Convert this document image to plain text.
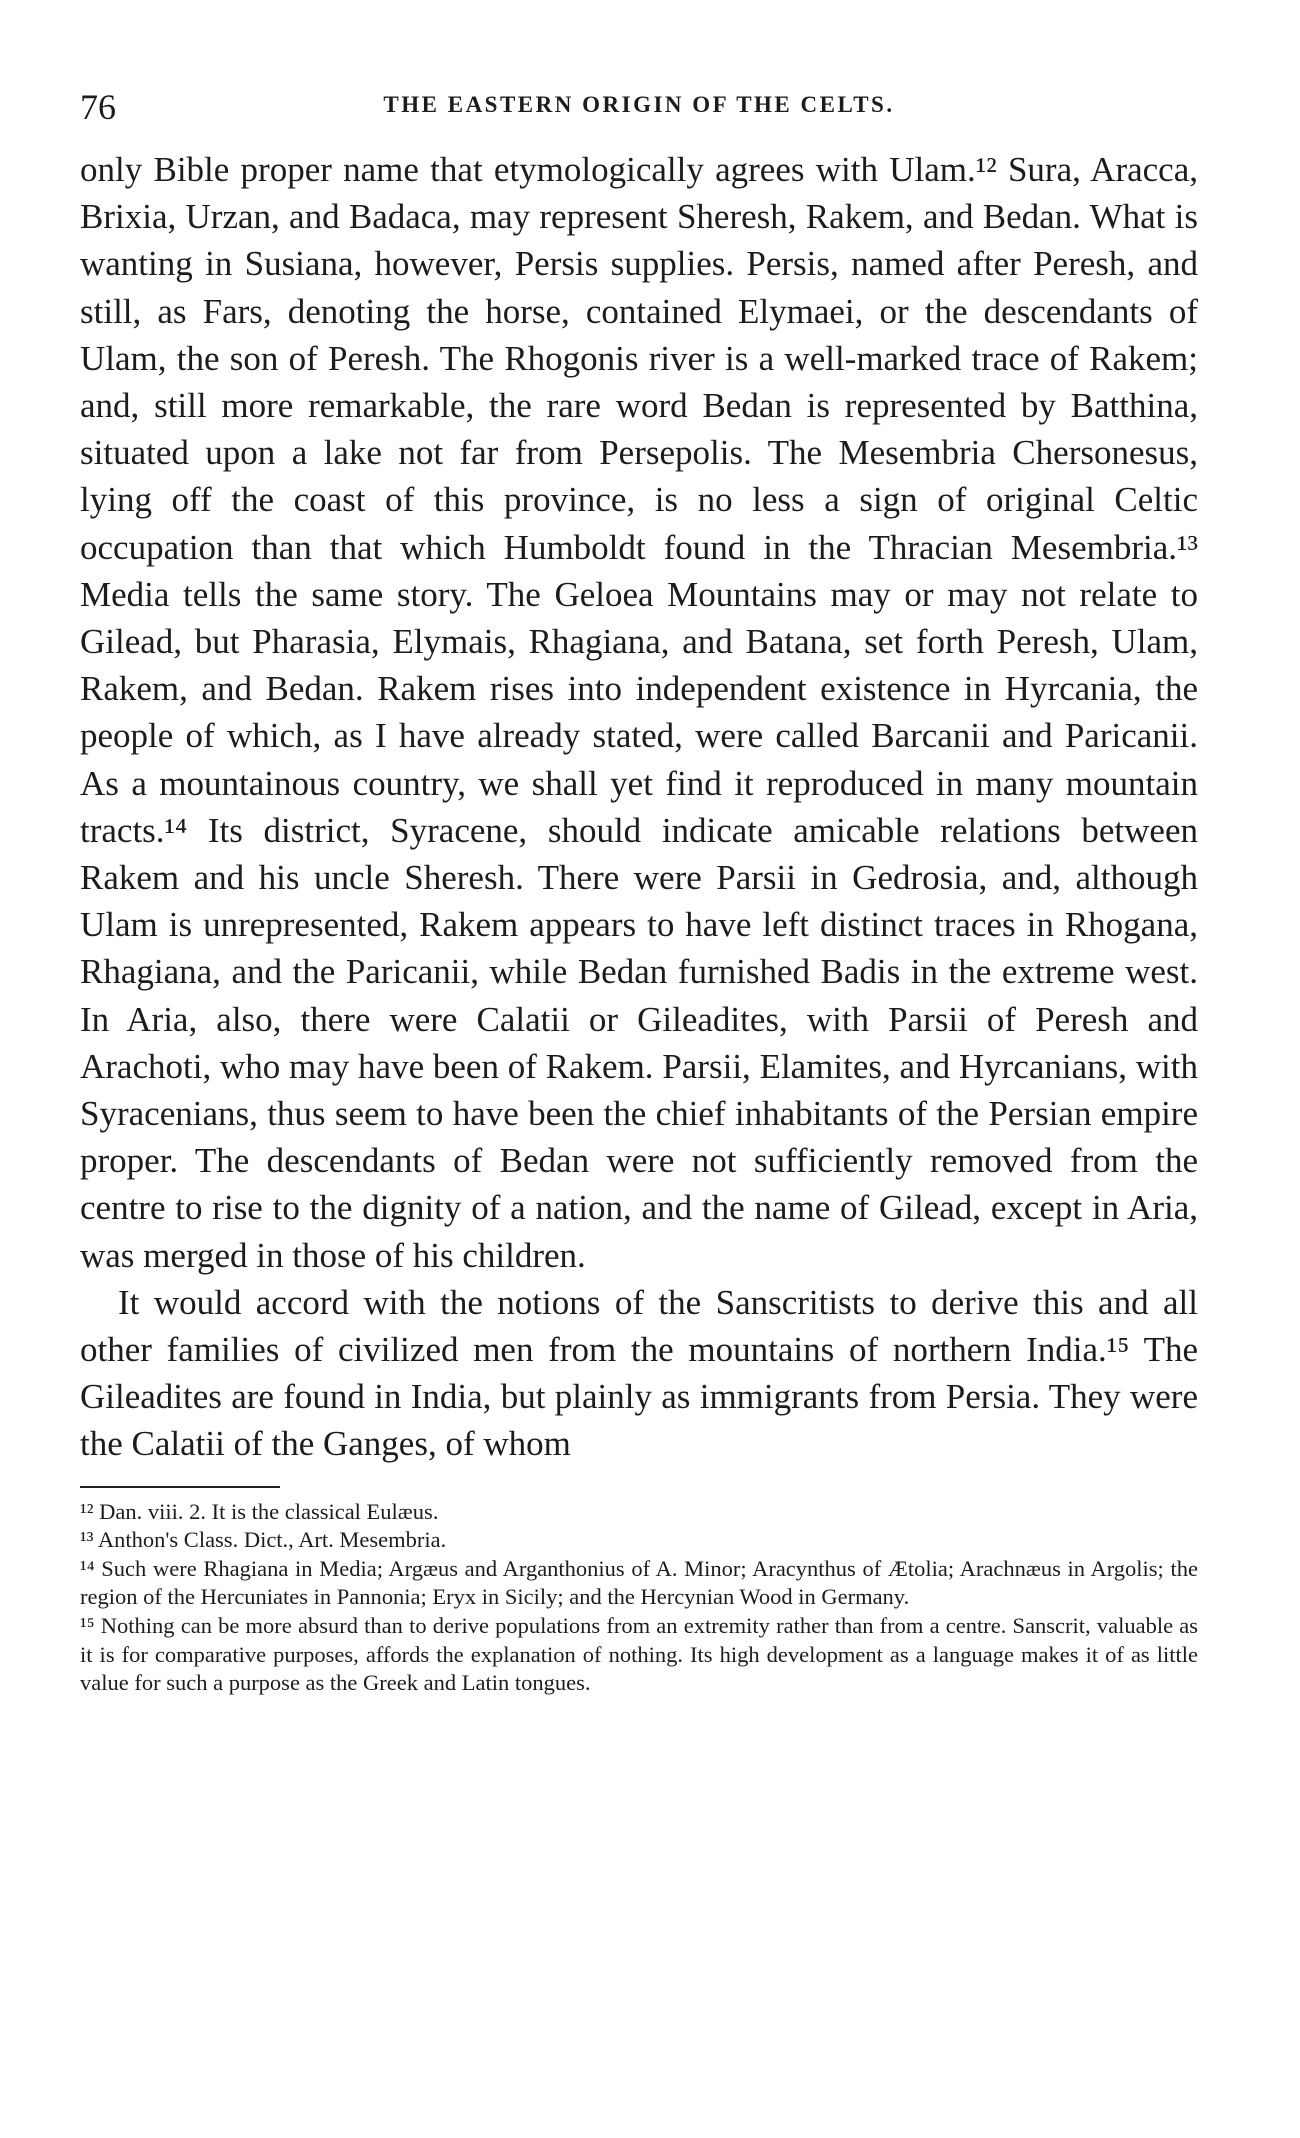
76	THE EASTERN ORIGIN OF THE CELTS.

only Bible proper name that etymologically agrees with Ulam.¹² Sura, Aracca, Brixia, Urzan, and Badaca, may represent Sheresh, Rakem, and Bedan. What is wanting in Susiana, however, Persis supplies. Persis, named after Peresh, and still, as Fars, denoting the horse, contained Elymaei, or the descendants of Ulam, the son of Peresh. The Rhogonis river is a well-marked trace of Rakem; and, still more remarkable, the rare word Bedan is represented by Batthina, situated upon a lake not far from Persepolis. The Mesembria Chersonesus, lying off the coast of this province, is no less a sign of original Celtic occupation than that which Humboldt found in the Thracian Mesembria.¹³ Media tells the same story. The Geloea Mountains may or may not relate to Gilead, but Pharasia, Elymais, Rhagiana, and Batana, set forth Peresh, Ulam, Rakem, and Bedan. Rakem rises into independent existence in Hyrcania, the people of which, as I have already stated, were called Barcanii and Paricanii. As a mountainous country, we shall yet find it reproduced in many mountain tracts.¹⁴ Its district, Syracene, should indicate amicable relations between Rakem and his uncle Sheresh. There were Parsii in Gedrosia, and, although Ulam is unrepresented, Rakem appears to have left distinct traces in Rhogana, Rhagiana, and the Paricanii, while Bedan furnished Badis in the extreme west. In Aria, also, there were Calatii or Gileadites, with Parsii of Peresh and Arachoti, who may have been of Rakem. Parsii, Elamites, and Hyrcanians, with Syracenians, thus seem to have been the chief inhabitants of the Persian empire proper. The descendants of Bedan were not sufficiently removed from the centre to rise to the dignity of a nation, and the name of Gilead, except in Aria, was merged in those of his children.

It would accord with the notions of the Sanscritists to derive this and all other families of civilized men from the mountains of northern India.¹⁵ The Gileadites are found in India, but plainly as immigrants from Persia. They were the Calatii of the Ganges, of whom

¹² Dan. viii. 2. It is the classical Eulæus.

¹³ Anthon's Class. Dict., Art. Mesembria.

¹⁴ Such were Rhagiana in Media; Argæus and Arganthonius of A. Minor; Aracynthus of Ætolia; Arachnæus in Argolis; the region of the Hercuniates in Pannonia; Eryx in Sicily; and the Hercynian Wood in Germany.

¹⁵ Nothing can be more absurd than to derive populations from an extremity rather than from a centre. Sanscrit, valuable as it is for comparative purposes, affords the explanation of nothing. Its high development as a language makes it of as little value for such a purpose as the Greek and Latin tongues.
